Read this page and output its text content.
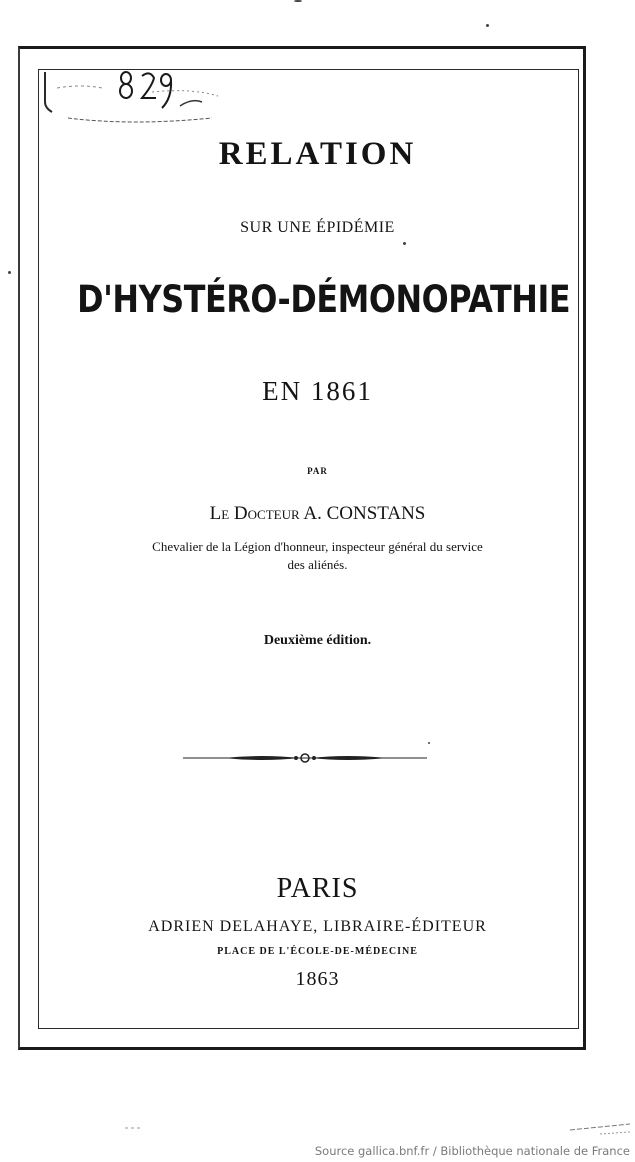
RELATION
SUR UNE ÉPIDÉMIE
D'HYSTÉRO-DÉMONOPATHIE
EN 1861
PAR
Le Docteur A. CONSTANS
Chevalier de la Légion d'honneur, inspecteur général du service
des aliénés.
Deuxième édition.
PARIS
ADRIEN DELAHAYE, LIBRAIRE-ÉDITEUR
PLACE DE L'ÉCOLE-DE-MÉDECINE
1863
Source gallica.bnf.fr / Bibliothèque nationale de France
